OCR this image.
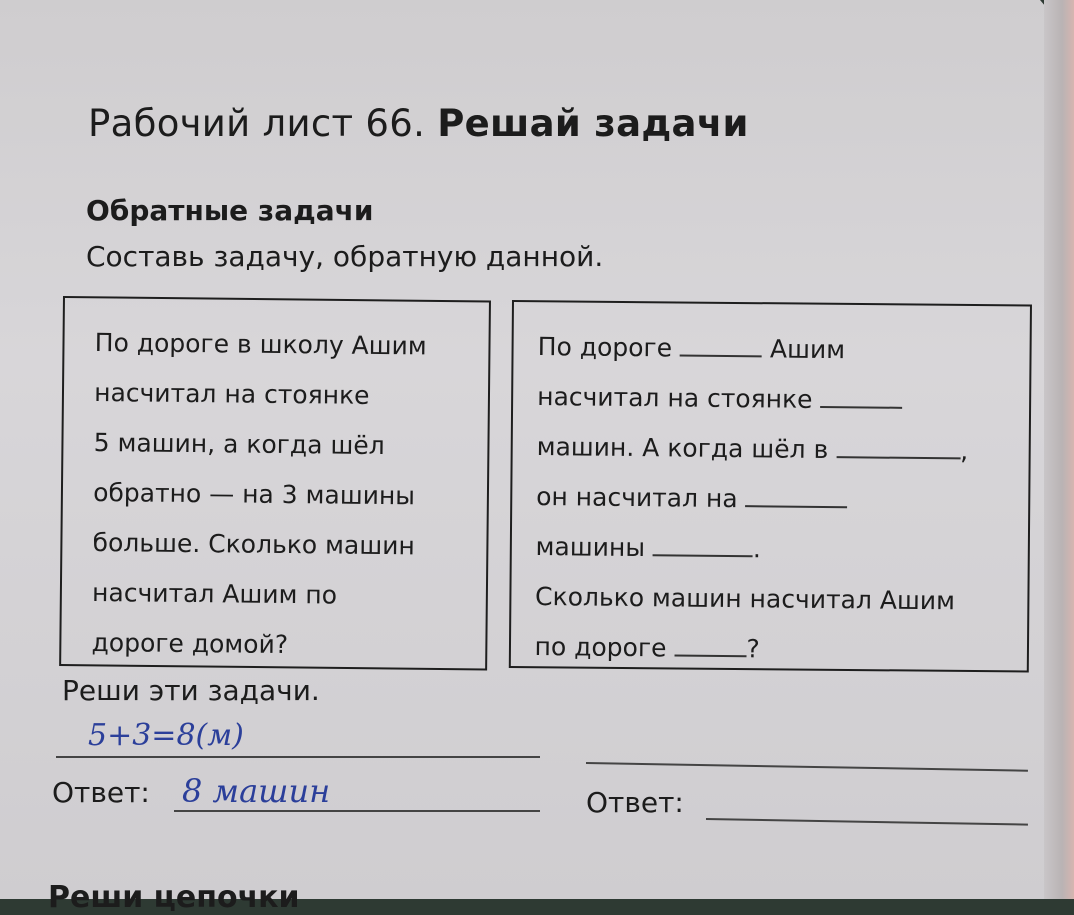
Рабочий лист 66. Решай задачи
Обратные задачи
Составь задачу, обратную данной.
По дороге в школу Ашим
насчитал на стоянке
5 машин, а когда шёл
обратно — на 3 машины
больше. Сколько машин
насчитал Ашим по
дороге домой?
По дороге	Ашим
насчитал на стоянке
машин. А когда шёл в	,
он насчитал на
машины	.
Сколько машин насчитал Ашим
по дороге	?
Реши эти задачи.
5+3=8(м)
Ответ: 8 машин	Ответ:
Реши цепочки
